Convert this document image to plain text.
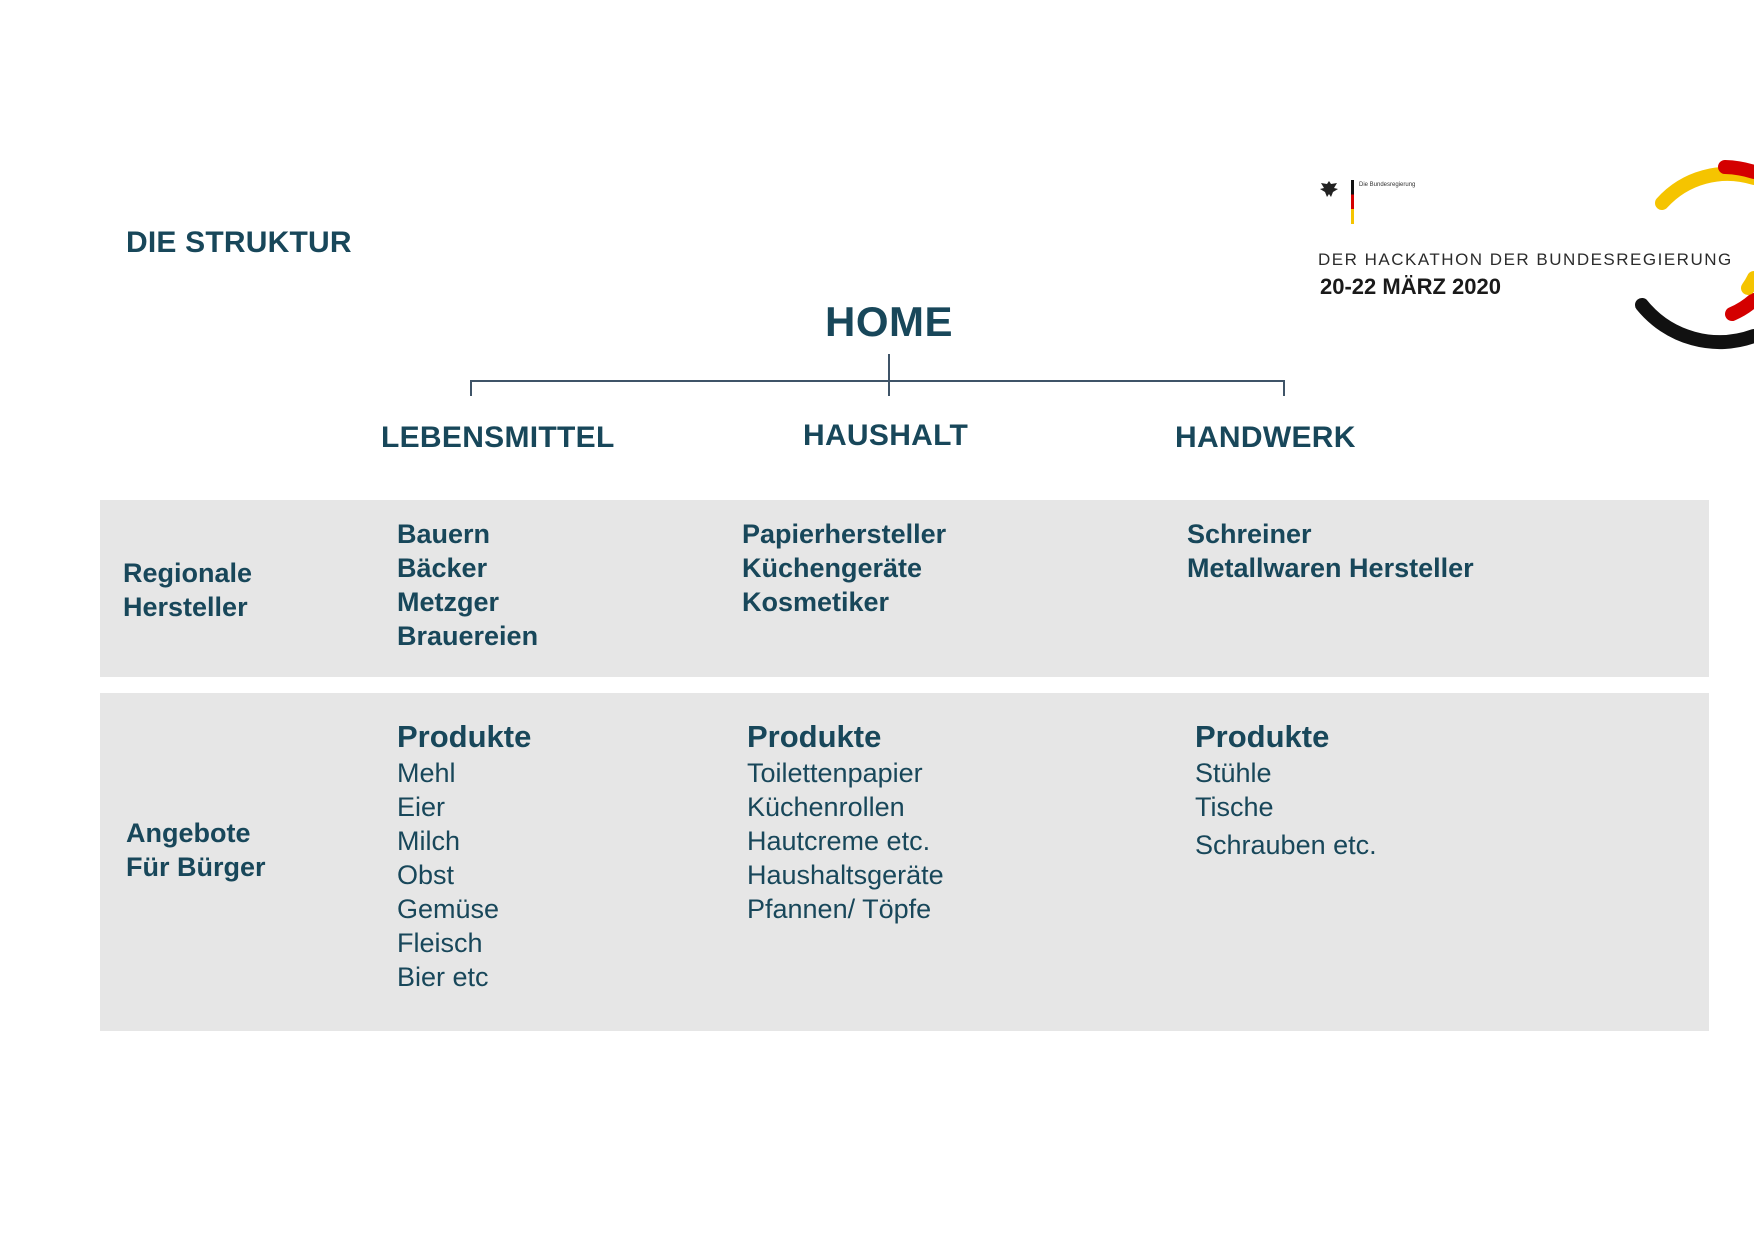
DIE STRUKTUR
Die Bundesregierung
DER HACKATHON DER BUNDESREGIERUNG
20-22 MÄRZ 2020
HOME
LEBENSMITTEL	HAUSHALT	HANDWERK
Regionale
Hersteller
Bauern
Bäcker
Metzger
Brauereien
Papierhersteller
Küchengeräte
Kosmetiker
Schreiner
Metallwaren Hersteller
Angebote
Für Bürger
Produkte
Mehl
Eier
Milch
Obst
Gemüse
Fleisch
Bier etc
Produkte
Toilettenpapier
Küchenrollen
Hautcreme etc.
Haushaltsgeräte
Pfannen/ Töpfe
Produkte
Stühle
Tische
Schrauben etc.
